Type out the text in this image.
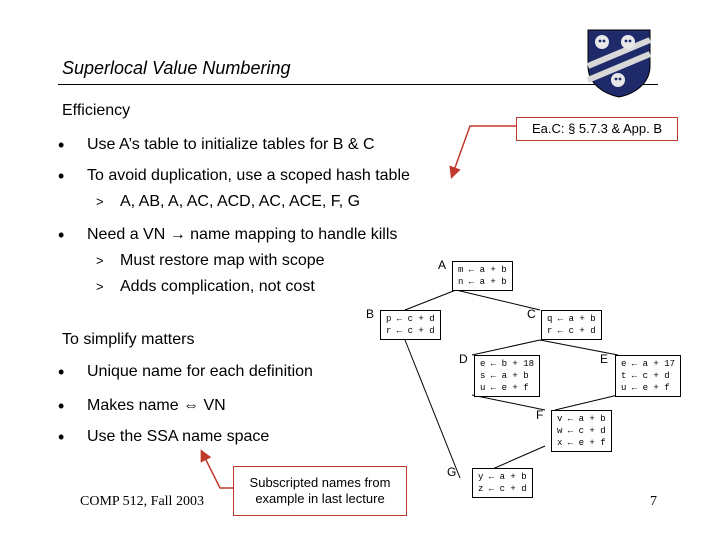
Superlocal Value Numbering
Efficiency
• Use A’s table to initialize tables for B & C
• To avoid duplication, use a scoped hash table
> A, AB, A, AC, ACD, AC, ACE, F, G
• Need a VN → name mapping to handle kills
> Must restore map with scope
> Adds complication, not cost
Ea.C: § 5.7.3 & App. B
To simplify matters
• Unique name for each definition
• Makes name ⇔ VN
• Use the SSA name space
Subscripted names from example in last lecture
A	m ← a + b
n ← a + b
B	p ← c + d
r ← c + d
C	q ← a + b
r ← c + d
D	e ← b + 18
s ← a + b
u ← e + f
E	e ← a + 17
t ← c + d
u ← e + f
F	v ← a + b
w ← c + d
x ← e + f
G	y ← a + b
z ← c + d
COMP 512, Fall 2003	7
